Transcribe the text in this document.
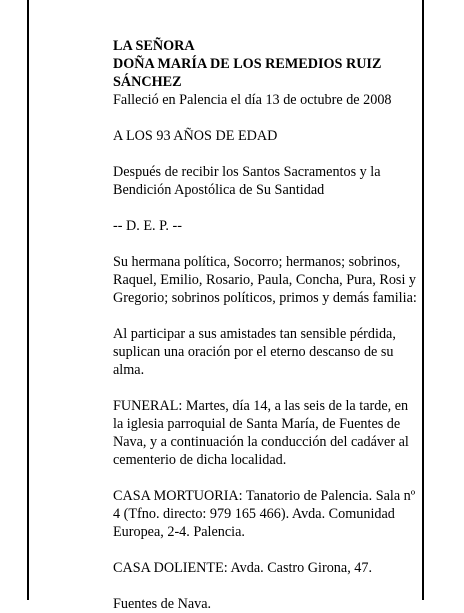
LA SEÑORA
DOÑA MARÍA DE LOS REMEDIOS RUIZ SÁNCHEZ
Falleció en Palencia el día 13 de octubre de 2008
A LOS 93 AÑOS DE EDAD
Después de recibir los Santos Sacramentos y la Bendición Apostólica de Su Santidad
-- D. E. P. --
Su hermana política, Socorro; hermanos; sobrinos, Raquel, Emilio, Rosario, Paula, Concha, Pura, Rosi y Gregorio; sobrinos políticos, primos y demás familia:
Al participar a sus amistades tan sensible pérdida, suplican una oración por el eterno descanso de su alma.
FUNERAL: Martes, día 14, a las seis de la tarde, en la iglesia parroquial de Santa María, de Fuentes de Nava, y a continuación la conducción del cadáver al cementerio de dicha localidad.
CASA MORTUORIA: Tanatorio de Palencia. Sala nº 4 (Tfno. directo: 979 165 466). Avda. Comunidad Europea, 2-4. Palencia.
CASA DOLIENTE: Avda. Castro Girona, 47.
Fuentes de Nava.
